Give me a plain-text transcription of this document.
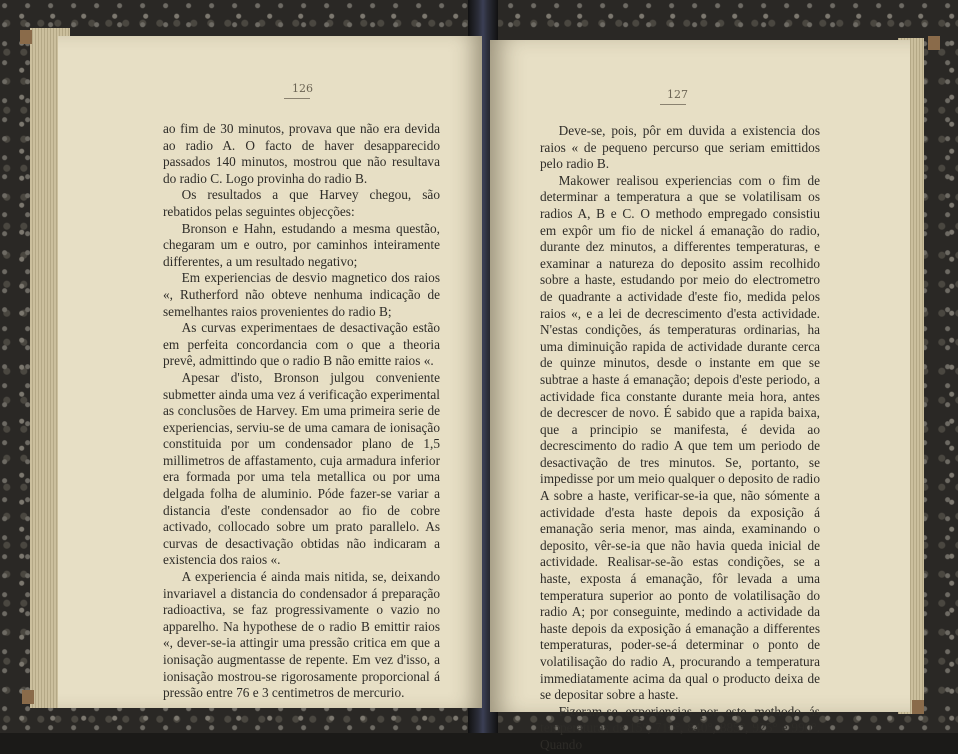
126

ao fim de 30 minutos, provava que não era devida ao radio A. O facto de haver desapparecido passados 140 minutos, mostrou que não resultava do radio C. Logo provinha do radio B.

Os resultados a que Harvey chegou, são rebatidos pelas seguintes objecções:

Bronson e Hahn, estudando a mesma questão, chegaram um e outro, por caminhos inteiramente differentes, a um resultado negativo;

Em experiencias de desvio magnetico dos raios «, Rutherford não obteve nenhuma indicação de semelhantes raios provenientes do radio B;

As curvas experimentaes de desactivação estão em perfeita concordancia com o que a theoria prevê, admittindo que o radio B não emitte raios «.

Apesar d'isto, Bronson julgou conveniente submetter ainda uma vez á verificação experimental as conclusões de Harvey. Em uma primeira serie de experiencias, serviu-se de uma camara de ionisação constituida por um condensador plano de 1,5 millimetros de affastamento, cuja armadura inferior era formada por uma tela metallica ou por uma delgada folha de aluminio. Póde fazer-se variar a distancia d'este condensador ao fio de cobre activado, collocado sobre um prato parallelo. As curvas de desactivação obtidas não indicaram a existencia dos raios «.

A experiencia é ainda mais nitida, se, deixando invariavel a distancia do condensador á preparação radioactiva, se faz progressivamente o vazio no apparelho. Na hypothese de o radio B emittir raios «, dever-se-ia attingir uma pressão critica em que a ionisação augmentasse de repente. Em vez d'isso, a ionisação mostrou-se rigorosamente proporcional á pressão entre 76 e 3 centimetros de mercurio.

127

Deve-se, pois, pôr em duvida a existencia dos raios « de pequeno percurso que seriam emittidos pelo radio B.

Makower realisou experiencias com o fim de determinar a temperatura a que se volatilisam os radios A, B e C. O methodo empregado consistiu em expôr um fio de nickel á emanação do radio, durante dez minutos, a differentes temperaturas, e examinar a natureza do deposito assim recolhido sobre a haste, estudando por meio do electrometro de quadrante a actividade d'este fio, medida pelos raios «, e a lei de decrescimento d'esta actividade. N'estas condições, ás temperaturas ordinarias, ha uma diminuição rapida de actividade durante cerca de quinze minutos, desde o instante em que se subtrae a haste á emanação; depois d'este periodo, a actividade fica constante durante meia hora, antes de decrescer de novo. É sabido que a rapida baixa, que a principio se manifesta, é devida ao decrescimento do radio A que tem um periodo de desactivação de tres minutos. Se, portanto, se impedisse por um meio qualquer o deposito de radio A sobre a haste, verificar-se-ia que, não sómente a actividade d'esta haste depois da exposição á emanação seria menor, mas ainda, examinando o deposito, vêr-se-ia que não havia queda inicial de actividade. Realisar-se-ão estas condições, se a haste, exposta á emanação, fôr levada a uma temperatura superior ao ponto de volatilisação do radio A; por conseguinte, medindo a actividade da haste depois da exposição á emanação a differentes temperaturas, poder-se-á determinar o ponto de volatilisação do radio A, procurando a temperatura immediatamente acima da qual o producto deixa de se depositar sobre a haste.

Fizeram-se experiencias por este methodo ás temperaturas de 15°, 710°, 840°, 885°, 925° e 990°. Quando
